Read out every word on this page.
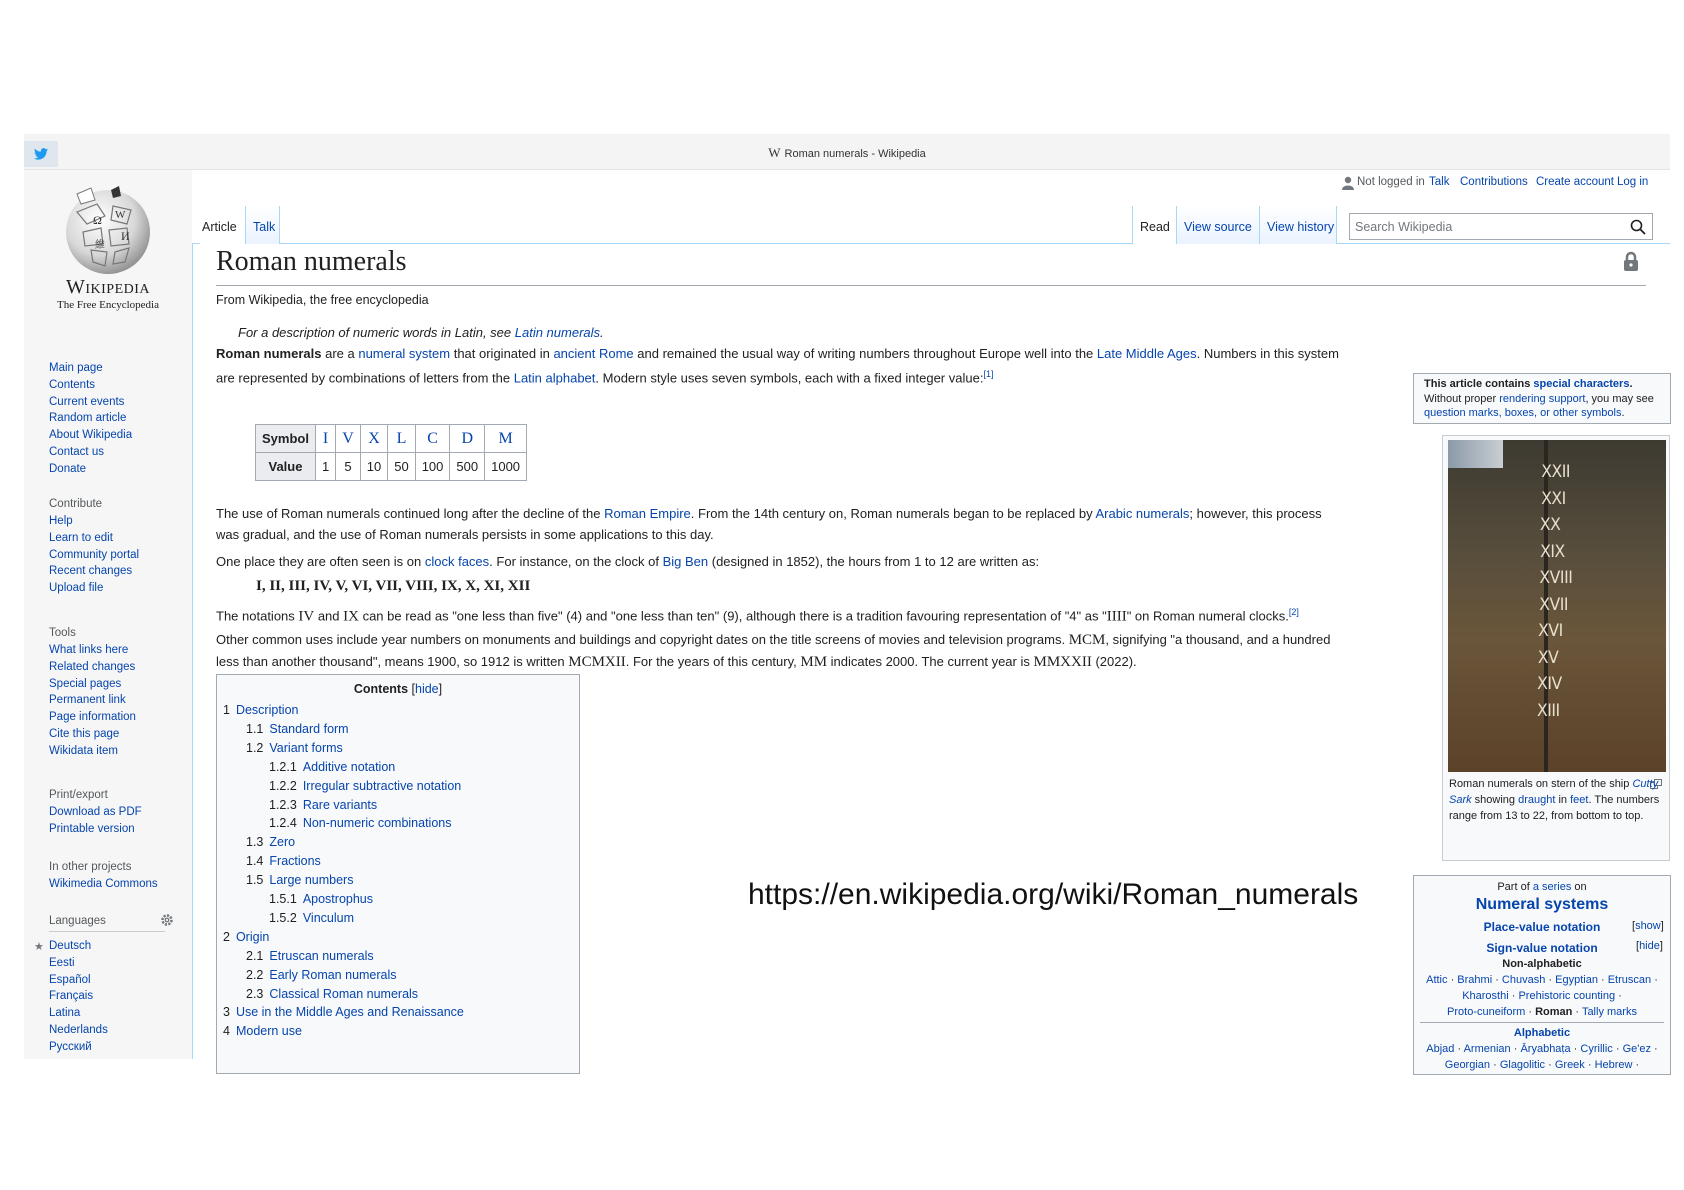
W Roman numerals - Wikipedia
Ω W
И
維
Wikipedia
The Free Encyclopedia
Main page
Contents
Current events
Random article
About Wikipedia
Contact us
Donate
Contribute
Help
Learn to edit
Community portal
Recent changes
Upload file
Tools
What links here
Related changes
Special pages
Permanent link
Page information
Cite this page
Wikidata item
Print/export
Download as PDF
Printable version
In other projects
Wikimedia Commons
Languages
★ Deutsch
Eesti
Español
Français
Latina
Nederlands
Русский
Not logged in Talk Contributions Create account Log in
Article Talk	Read View source View history
Search Wikipedia
Roman numerals
From Wikipedia, the free encyclopedia
For a description of numeric words in Latin, see Latin numerals.
Roman numerals are a numeral system that originated in ancient Rome and remained the usual way of writing numbers throughout Europe well into the Late Middle Ages. Numbers in this system are represented by combinations of letters from the Latin alphabet. Modern style uses seven symbols, each with a fixed integer value:[1]
Symbol	I	V	X	L	C	D	M
Value	1	5	10	50	100	500	1000
The use of Roman numerals continued long after the decline of the Roman Empire. From the 14th century on, Roman numerals began to be replaced by Arabic numerals; however, this process was gradual, and the use of Roman numerals persists in some applications to this day.
One place they are often seen is on clock faces. For instance, on the clock of Big Ben (designed in 1852), the hours from 1 to 12 are written as:
I, II, III, IV, V, VI, VII, VIII, IX, X, XI, XII
The notations IV and IX can be read as "one less than five" (4) and "one less than ten" (9), although there is a tradition favouring representation of "4" as "IIII" on Roman numeral clocks.[2]
Other common uses include year numbers on monuments and buildings and copyright dates on the title screens of movies and television programs. MCM, signifying "a thousand, and a hundred less than another thousand", means 1900, so 1912 is written MCMXII. For the years of this century, MM indicates 2000. The current year is MMXXII (2022).
Contents [hide]
1 Description
1.1 Standard form
1.2 Variant forms
1.2.1 Additive notation
1.2.2 Irregular subtractive notation
1.2.3 Rare variants
1.2.4 Non-numeric combinations
1.3 Zero
1.4 Fractions
1.5 Large numbers
1.5.1 Apostrophus
1.5.2 Vinculum
2 Origin
2.1 Etruscan numerals
2.2 Early Roman numerals
2.3 Classical Roman numerals
3 Use in the Middle Ages and Renaissance
4 Modern use
This article contains special characters.
Without proper rendering support, you may see question marks, boxes, or other symbols.
XXII
XXI
XX
XIX
XVIII
XVII
XVI
XV
XIV
XIII
Roman numerals on stern of the ship Cutty Sark showing draught in feet. The numbers range from 13 to 22, from bottom to top.
Part of a series on
Numeral systems
Place-value notation	[show]
Sign-value notation	[hide]
Non-alphabetic
Attic · Brahmi · Chuvash · Egyptian · Etruscan ·
Kharosthi · Prehistoric counting ·
Proto-cuneiform · Roman · Tally marks
Alphabetic
Abjad · Armenian · Āryabhaṭa · Cyrillic · Ge'ez ·
Georgian · Glagolitic · Greek · Hebrew ·
https://en.wikipedia.org/wiki/Roman_numerals
